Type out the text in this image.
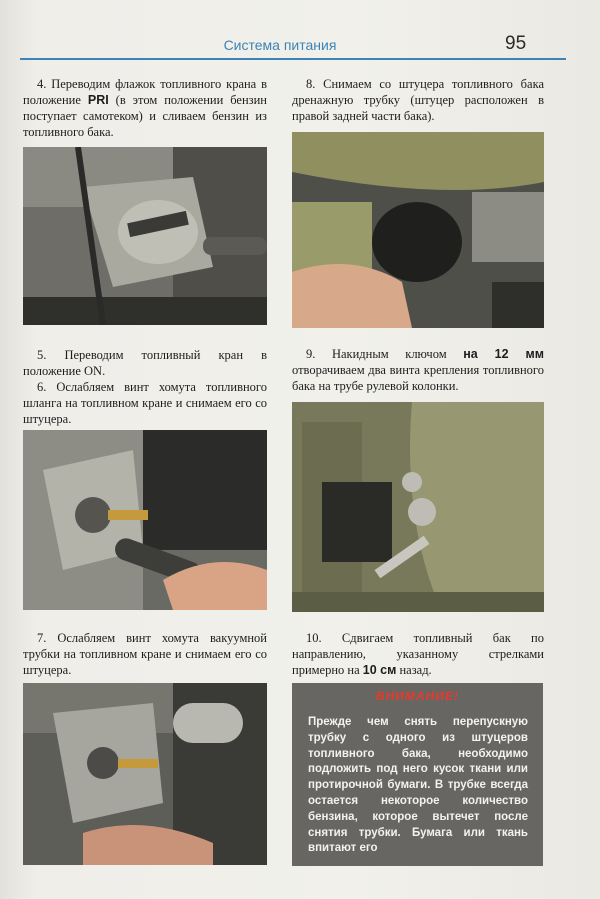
Система питания	95

4. Переводим флажок топливного крана в положение PRI (в этом положении бензин поступает самотеком) и сливаем бензин из топливного бака.

5. Переводим топливный кран в положение ON.

6. Ослабляем винт хомута топливного шланга на топливном кране и снимаем его со штуцера.

7. Ослабляем винт хомута вакуумной трубки на топливном кране и снимаем его со штуцера.

8. Снимаем со штуцера топливного бака дренажную трубку (штуцер расположен в правой задней части бака).

9. Накидным ключом на 12 мм отворачиваем два винта крепления топливного бака на трубе рулевой колонки.

10. Сдвигаем топливный бак по направлению, указанному стрелками примерно на 10 см назад.

ВНИМАНИЕ!
Прежде чем снять перепускную трубку с одного из штуцеров топливного бака, необходимо подложить под него кусок ткани или протирочной бумаги. В трубке всегда остается некоторое количество бензина, которое вытечет после снятия трубки. Бумага или ткань впитают его
